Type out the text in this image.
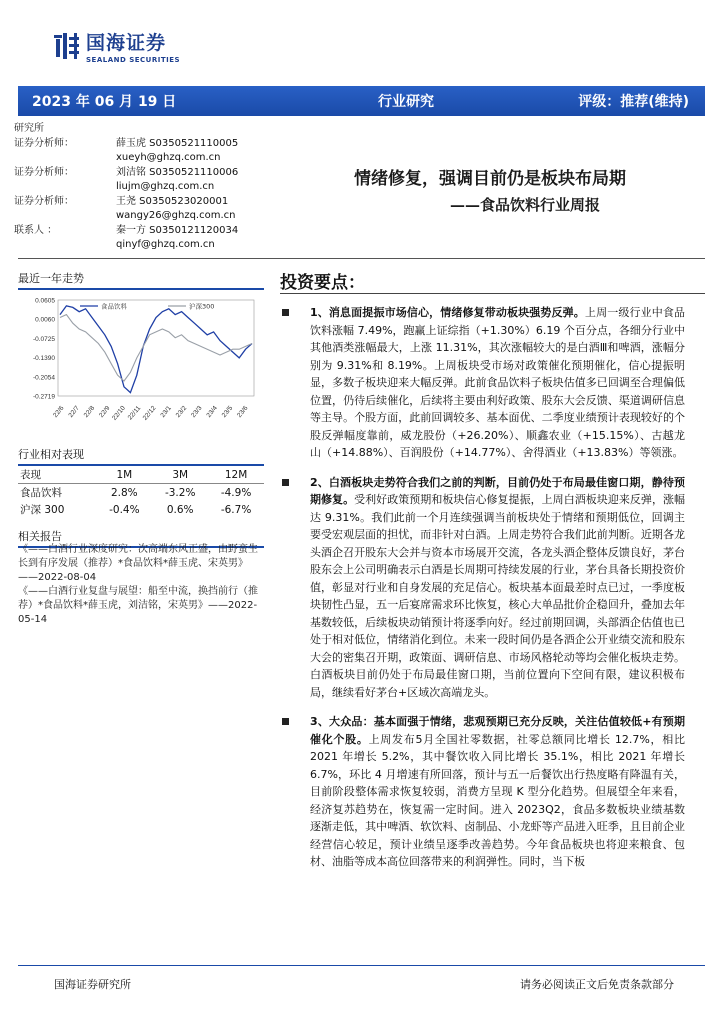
国海证券
SEALAND SECURITIES
2023 年 06 月 19 日	行业研究	评级：推荐(维持)
研究所
证券分析师：	薛玉虎 S0350521110005
xueyh@ghzq.com.cn
证券分析师：	刘洁铭 S0350521110006
liujm@ghzq.com.cn
证券分析师：	王尧 S0350523020001
wangy26@ghzq.com.cn
联系人 ：	秦一方 S0350121120034
qinyf@ghzq.com.cn
情绪修复，强调目前仍是板块布局期
——食品饮料行业周报
最近一年走势
0.0605
0.0060
-0.0725
-0.1390
-0.2054
-0.2719
22/6 22/7 22/8 22/9 22/10 22/11 22/12 23/1 23/2 23/3 23/4 23/5 23/6
食品饮料	沪深300
行业相对表现
表现	1M	3M	12M
食品饮料	2.8%	-3.2%	-4.9%
沪深 300	-0.4%	0.6%	-6.7%
相关报告
《——白酒行业深度研究：次高端东风正盛，由野蛮生长到有序发展（推荐）*食品饮料*薛玉虎、宋英男》——2022-08-04
《——白酒行业复盘与展望：船至中流，换挡前行（推荐）*食品饮料*薛玉虎，刘洁铭，宋英男》——2022-05-14
投资要点：
1、消息面提振市场信心，情绪修复带动板块强势反弹。上周一级行业中食品饮料涨幅 7.49%，跑赢上证综指（+1.30%）6.19 个百分点，各细分行业中其他酒类涨幅最大，上涨 11.31%，其次涨幅较大的是白酒Ⅲ和啤酒，涨幅分别为 9.31%和 8.19%。上周板块受市场对政策催化预期催化，信心提振明显，多数子板块迎来大幅反弹。此前食品饮料子板块估值多已回调至合理偏低位置，仍待后续催化，后续将主要由利好政策、股东大会反馈、渠道调研信息等主导。个股方面，此前回调较多、基本面优、二季度业绩预计表现较好的个股反弹幅度靠前，威龙股份（+26.20%）、顺鑫农业（+15.15%）、古越龙山（+14.88%）、百润股份（+14.77%）、舍得酒业（+13.83%）等领涨。
2、白酒板块走势符合我们之前的判断，目前仍处于布局最佳窗口期，静待预期修复。受利好政策预期和板块信心修复提振，上周白酒板块迎来反弹，涨幅达 9.31%。我们此前一个月连续强调当前板块处于情绪和预期低位，回调主要受宏观层面的担忧，而非针对白酒。上周走势符合我们此前判断。近期各龙头酒企召开股东大会并与资本市场展开交流，各龙头酒企整体反馈良好，茅台股东会上公司明确表示白酒是长周期可持续发展的行业，茅台具备长期投资价值，彰显对行业和自身发展的充足信心。板块基本面最差时点已过，一季度板块韧性凸显，五一后宴席需求环比恢复，核心大单品批价企稳回升，叠加去年基数较低，后续板块动销预计将逐季向好。经过前期回调，头部酒企估值也已处于相对低位，情绪消化到位。未来一段时间仍是各酒企公开业绩交流和股东大会的密集召开期，政策面、调研信息、市场风格轮动等均会催化板块走势。白酒板块目前仍处于布局最佳窗口期，当前位置向下空间有限，建议积极布局，继续看好茅台+区域次高端龙头。
3、大众品：基本面强于情绪，悲观预期已充分反映，关注估值较低+有预期催化个股。上周发布5月全国社零数据，社零总额同比增长 12.7%，相比 2021 年增长 5.2%，其中餐饮收入同比增长 35.1%，相比 2021 年增长 6.7%，环比 4 月增速有所回落，预计与五一后餐饮出行热度略有降温有关，目前阶段整体需求恢复较弱，消费方呈现 K 型分化趋势。但展望全年来看，经济复苏趋势在，恢复需一定时间。进入 2023Q2，食品多数板块业绩基数逐渐走低，其中啤酒、软饮料、卤制品、小龙虾等产品进入旺季，且目前企业经营信心较足，预计业绩呈逐季改善趋势。今年食品板块也将迎来粮食、包材、油脂等成本高位回落带来的利润弹性。同时，当下板
国海证券研究所	请务必阅读正文后免责条款部分
